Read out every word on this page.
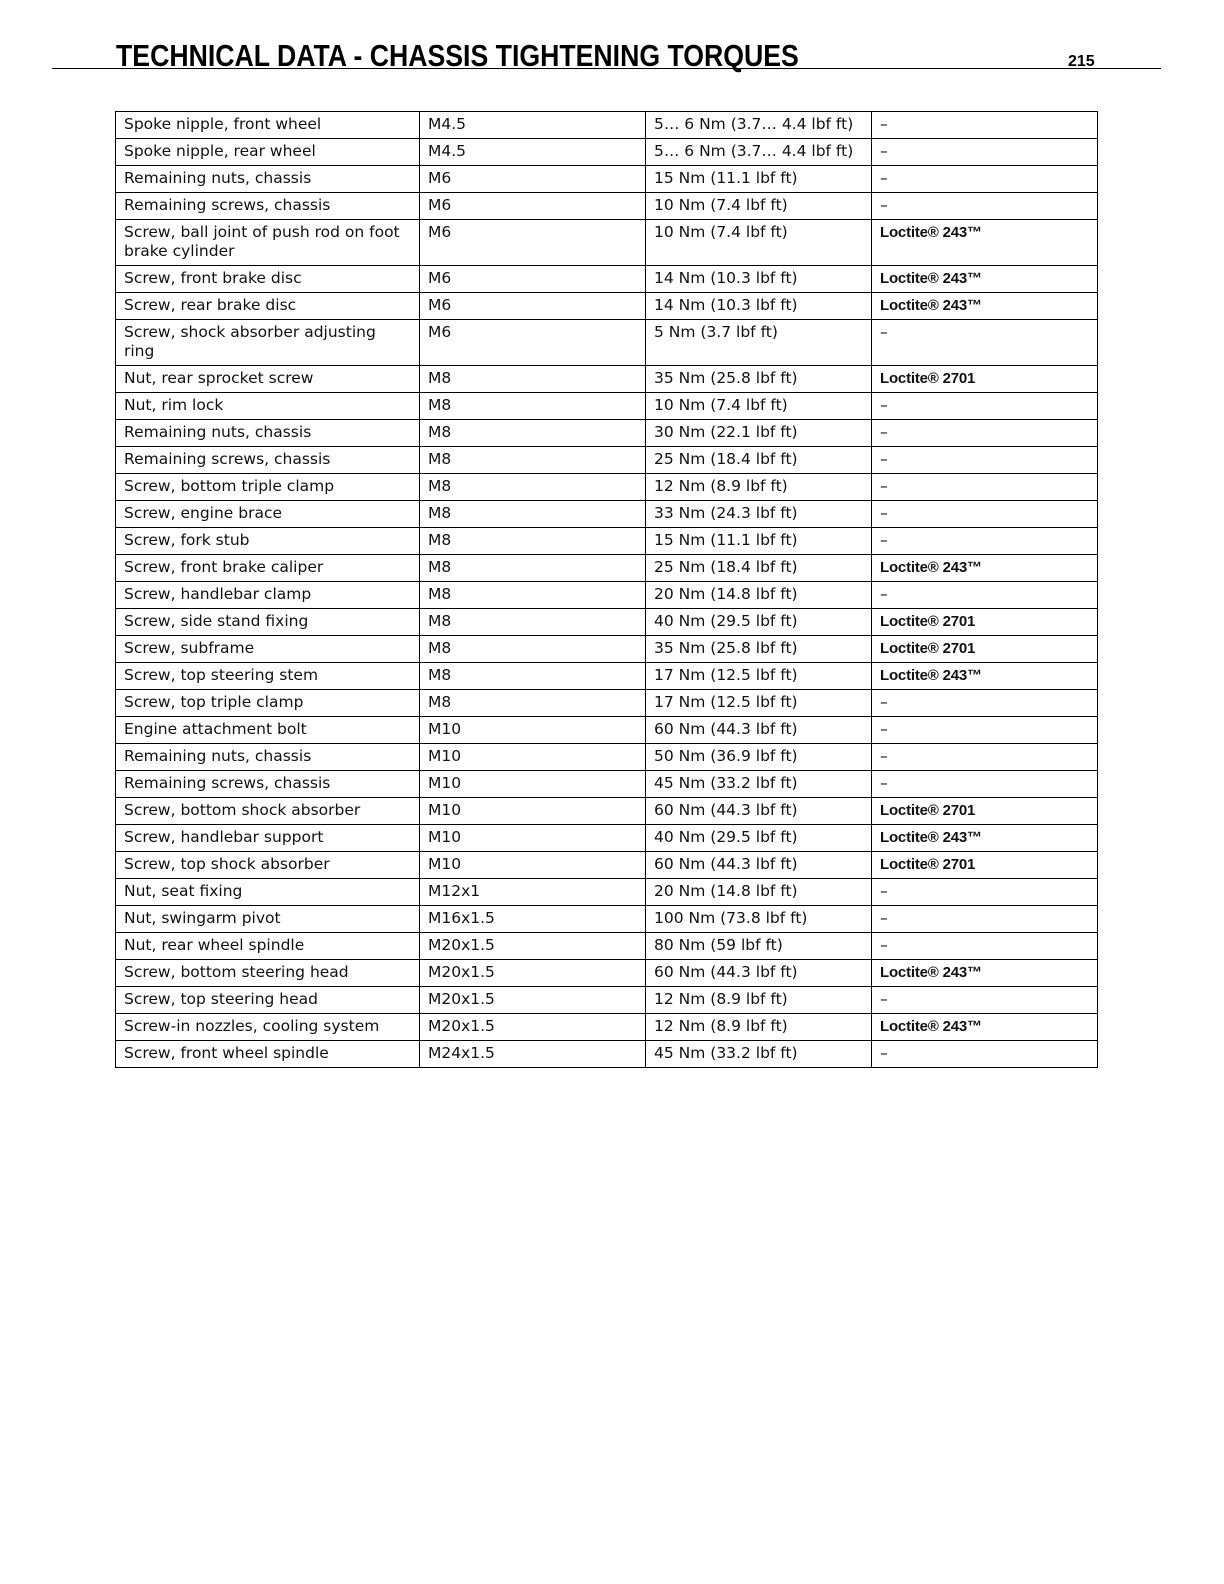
TECHNICAL DATA - CHASSIS TIGHTENING TORQUES	215
Spoke nipple, front wheel	M4.5	5… 6 Nm (3.7… 4.4 lbf ft)	–
Spoke nipple, rear wheel	M4.5	5… 6 Nm (3.7… 4.4 lbf ft)	–
Remaining nuts, chassis	M6	15 Nm (11.1 lbf ft)	–
Remaining screws, chassis	M6	10 Nm (7.4 lbf ft)	–
Screw, ball joint of push rod on foot brake cylinder	M6	10 Nm (7.4 lbf ft)	Loctite® 243™
Screw, front brake disc	M6	14 Nm (10.3 lbf ft)	Loctite® 243™
Screw, rear brake disc	M6	14 Nm (10.3 lbf ft)	Loctite® 243™
Screw, shock absorber adjusting ring	M6	5 Nm (3.7 lbf ft)	–
Nut, rear sprocket screw	M8	35 Nm (25.8 lbf ft)	Loctite® 2701
Nut, rim lock	M8	10 Nm (7.4 lbf ft)	–
Remaining nuts, chassis	M8	30 Nm (22.1 lbf ft)	–
Remaining screws, chassis	M8	25 Nm (18.4 lbf ft)	–
Screw, bottom triple clamp	M8	12 Nm (8.9 lbf ft)	–
Screw, engine brace	M8	33 Nm (24.3 lbf ft)	–
Screw, fork stub	M8	15 Nm (11.1 lbf ft)	–
Screw, front brake caliper	M8	25 Nm (18.4 lbf ft)	Loctite® 243™
Screw, handlebar clamp	M8	20 Nm (14.8 lbf ft)	–
Screw, side stand fixing	M8	40 Nm (29.5 lbf ft)	Loctite® 2701
Screw, subframe	M8	35 Nm (25.8 lbf ft)	Loctite® 2701
Screw, top steering stem	M8	17 Nm (12.5 lbf ft)	Loctite® 243™
Screw, top triple clamp	M8	17 Nm (12.5 lbf ft)	–
Engine attachment bolt	M10	60 Nm (44.3 lbf ft)	–
Remaining nuts, chassis	M10	50 Nm (36.9 lbf ft)	–
Remaining screws, chassis	M10	45 Nm (33.2 lbf ft)	–
Screw, bottom shock absorber	M10	60 Nm (44.3 lbf ft)	Loctite® 2701
Screw, handlebar support	M10	40 Nm (29.5 lbf ft)	Loctite® 243™
Screw, top shock absorber	M10	60 Nm (44.3 lbf ft)	Loctite® 2701
Nut, seat fixing	M12x1	20 Nm (14.8 lbf ft)	–
Nut, swingarm pivot	M16x1.5	100 Nm (73.8 lbf ft)	–
Nut, rear wheel spindle	M20x1.5	80 Nm (59 lbf ft)	–
Screw, bottom steering head	M20x1.5	60 Nm (44.3 lbf ft)	Loctite® 243™
Screw, top steering head	M20x1.5	12 Nm (8.9 lbf ft)	–
Screw-in nozzles, cooling system	M20x1.5	12 Nm (8.9 lbf ft)	Loctite® 243™
Screw, front wheel spindle	M24x1.5	45 Nm (33.2 lbf ft)	–
